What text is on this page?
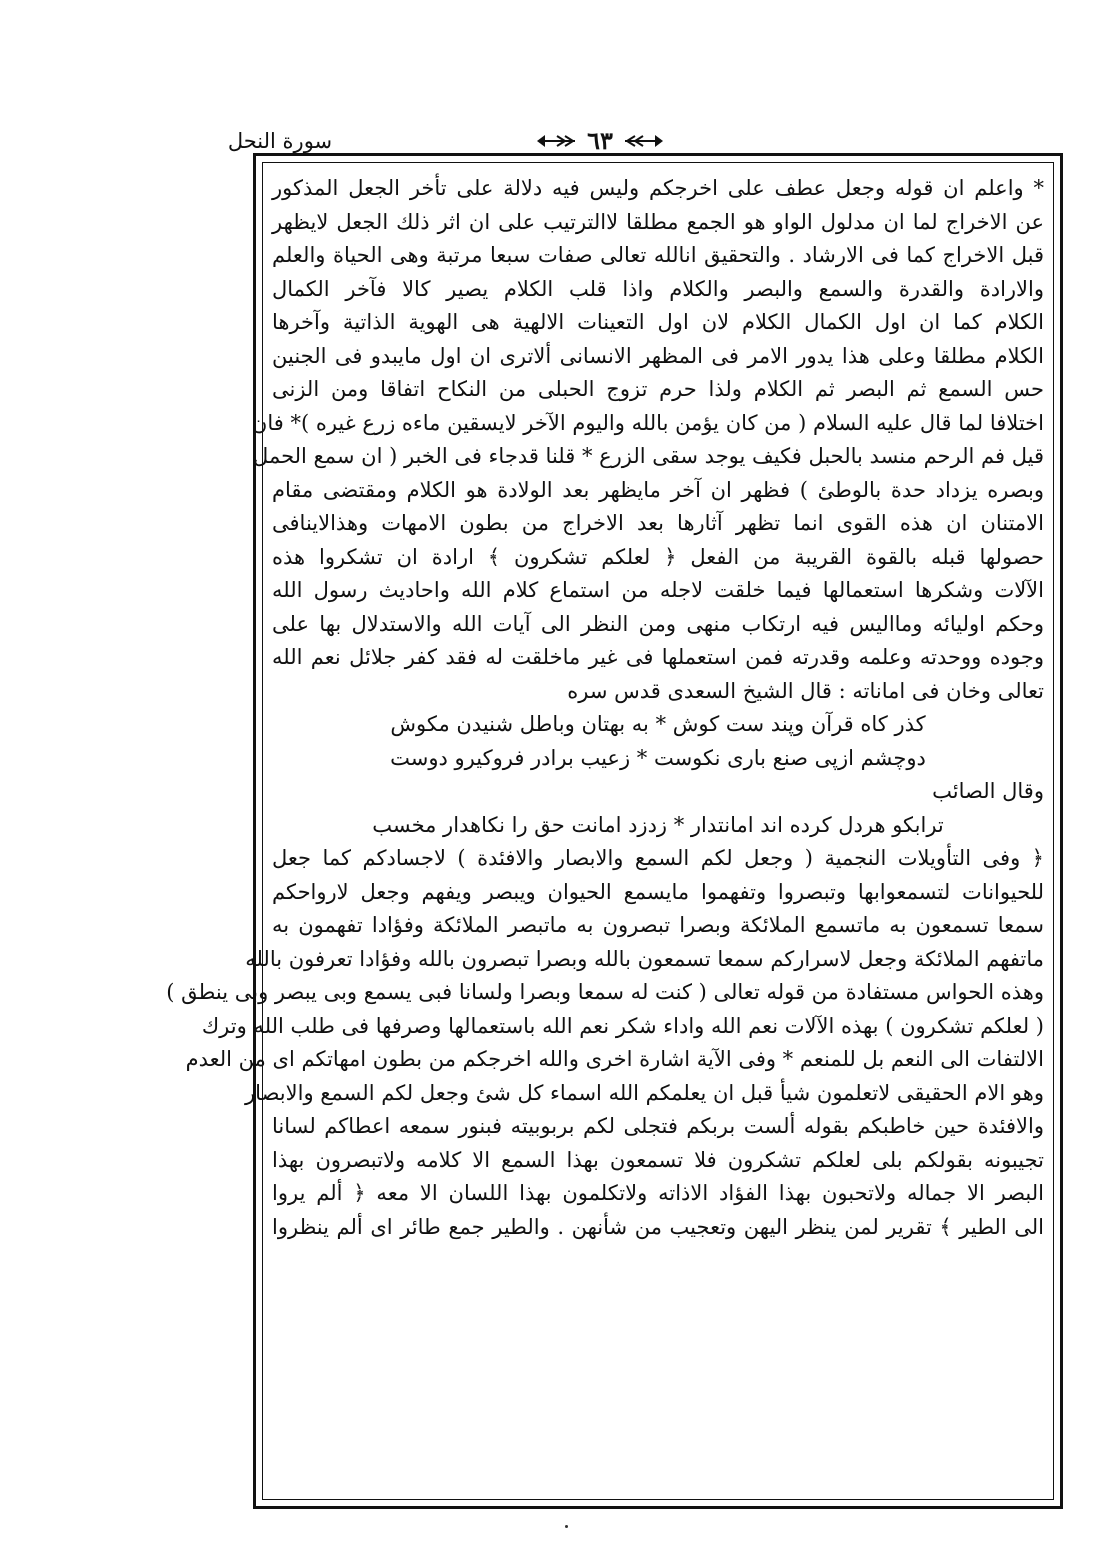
سورة النحل	٦٣
* واعلم ان قوله وجعل عطف على اخرجكم وليس فيه دلالة على تأخر الجعل المذكور
عن الاخراج لما ان مدلول الواو هو الجمع مطلقا لاالترتيب على ان اثر ذلك الجعل لايظهر
قبل الاخراج كما فى الارشاد . والتحقيق انالله تعالى صفات سبعا مرتبة وهى الحياة والعلم
والارادة والقدرة والسمع والبصر والكلام واذا قلب الكلام يصير كالا فآخر الكمال
الكلام كما ان اول الكمال الكلام لان اول التعينات الالهية هى الهوية الذاتية وآخرها
الكلام مطلقا وعلى هذا يدور الامر فى المظهر الانسانى ألاترى ان اول مايبدو فى الجنين
حس السمع ثم البصر ثم الكلام ولذا حرم تزوج الحبلى من النكاح اتفاقا ومن الزنى
اختلافا لما قال عليه السلام ( من كان يؤمن بالله واليوم الآخر لايسقين ماءه زرع غيره )* فان
قيل فم الرحم منسد بالحبل فكيف يوجد سقى الزرع * قلنا قدجاء فى الخبر ( ان سمع الحمل
وبصره يزداد حدة بالوطئ ) فظهر ان آخر مايظهر بعد الولادة هو الكلام ومقتضى مقام
الامتنان ان هذه القوى انما تظهر آثارها بعد الاخراج من بطون الامهات وهذالاينافى
حصولها قبله بالقوة القريبة من الفعل ﴿ لعلكم تشكرون ﴾ ارادة ان تشكروا هذه
الآلات وشكرها استعمالها فيما خلقت لاجله من استماع كلام الله واحاديث رسول الله
وحكم اوليائه ومااليس فيه ارتكاب منهى ومن النظر الى آيات الله والاستدلال بها على
وجوده ووحدته وعلمه وقدرته فمن استعملها فى غير ماخلقت له فقد كفر جلائل نعم الله
تعالى وخان فى اماناته : قال الشيخ السعدى قدس سره
كذر كاه قرآن وپند ست كوش * به بهتان وباطل شنيدن مكوش
دوچشم ازپى صنع بارى نكوست * زعيب برادر فروكيرو دوست
وقال الصائب
ترابكو هردل كرده اند امانتدار * زدزد امانت حق را نكاهدار مخسب
﴿ وفى التأويلات النجمية ( وجعل لكم السمع والابصار والافئدة ) لاجسادكم كما جعل
للحيوانات لتسمعوابها وتبصروا وتفهموا مايسمع الحيوان ويبصر ويفهم وجعل لارواحكم
سمعا تسمعون به ماتسمع الملائكة وبصرا تبصرون به ماتبصر الملائكة وفؤادا تفهمون به
ماتفهم الملائكة وجعل لاسراركم سمعا تسمعون بالله وبصرا تبصرون بالله وفؤادا تعرفون بالله
وهذه الحواس مستفادة من قوله تعالى ( كنت له سمعا وبصرا ولسانا فبى يسمع وبى يبصر وبى ينطق )
( لعلكم تشكرون ) بهذه الآلات نعم الله واداء شكر نعم الله باستعمالها وصرفها فى طلب الله وترك
الالتفات الى النعم بل للمنعم * وفى الآية اشارة اخرى والله اخرجكم من بطون امهاتكم اى من العدم
وهو الام الحقيقى لاتعلمون شيأ قبل ان يعلمكم الله اسماء كل شئ وجعل لكم السمع والابصار
والافئدة حين خاطبكم بقوله ألست بربكم فتجلى لكم بربوبيته فبنور سمعه اعطاكم لسانا
تجيبونه بقولكم بلى لعلكم تشكرون فلا تسمعون بهذا السمع الا كلامه ولاتبصرون بهذا
البصر الا جماله ولاتحبون بهذا الفؤاد الاذاته ولاتكلمون بهذا اللسان الا معه ﴿ ألم يروا
الى الطير ﴾ تقرير لمن ينظر اليهن وتعجيب من شأنهن . والطير جمع طائر اى ألم ينظروا
